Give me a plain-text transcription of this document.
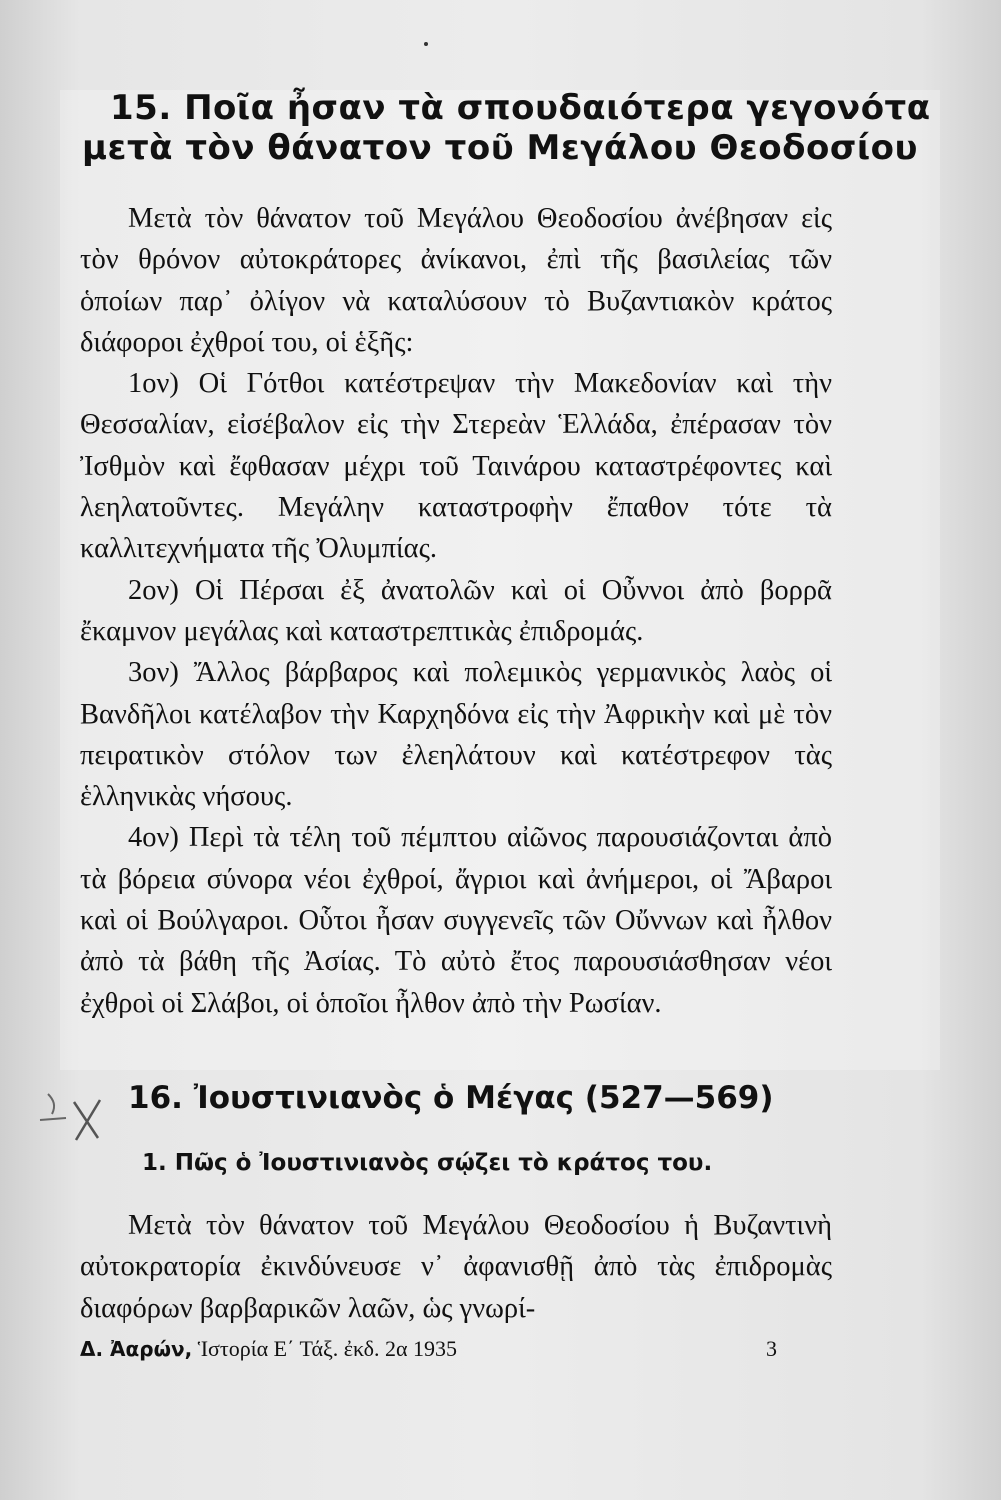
15. Ποῖα ἦσαν τὰ σπουδαιότερα γεγονότα
μετὰ τὸν θάνατον τοῦ Μεγάλου Θεοδοσίου

Μετὰ τὸν θάνατον τοῦ Μεγάλου Θεοδοσίου ἀνέβησαν εἰς τὸν θρόνον αὐτοκράτορες ἀνίκανοι, ἐπὶ τῆς βασιλείας τῶν ὁποίων παρ᾿ ὀλίγον νὰ καταλύσουν τὸ Βυζαντιακὸν κράτος διάφοροι ἐχθροί του, οἱ ἑξῆς:

1ον) Οἱ Γότθοι κατέστρεψαν τὴν Μακεδονίαν καὶ τὴν Θεσσαλίαν, εἰσέβαλον εἰς τὴν Στερεὰν Ἑλλάδα, ἐπέρασαν τὸν Ἰσθμὸν καὶ ἔφθασαν μέχρι τοῦ Ταινάρου καταστρέφοντες καὶ λεηλατοῦντες. Μεγάλην καταστροφὴν ἔπαθον τότε τὰ καλλιτεχνήματα τῆς Ὀλυμπίας.

2ον) Οἱ Πέρσαι ἐξ ἀνατολῶν καὶ οἱ Οὖννοι ἀπὸ βορρᾶ ἔκαμνον μεγάλας καὶ καταστρεπτικὰς ἐπιδρομάς.

3ον) Ἄλλος βάρβαρος καὶ πολεμικὸς γερμανικὸς λαὸς οἱ Βανδῆλοι κατέλαβον τὴν Καρχηδόνα εἰς τὴν Ἀφρικὴν καὶ μὲ τὸν πειρατικὸν στόλον των ἐλεηλάτουν καὶ κατέστρεφον τὰς ἑλληνικὰς νήσους.

4ον) Περὶ τὰ τέλη τοῦ πέμπτου αἰῶνος παρουσιάζονται ἀπὸ τὰ βόρεια σύνορα νέοι ἐχθροί, ἄγριοι καὶ ἀνήμεροι, οἱ Ἄβαροι καὶ οἱ Βούλγαροι. Οὗτοι ἦσαν συγγενεῖς τῶν Οὔννων καὶ ἦλθον ἀπὸ τὰ βάθη τῆς Ἀσίας. Τὸ αὐτὸ ἔτος παρουσιάσθησαν νέοι ἐχθροὶ οἱ Σλάβοι, οἱ ὁποῖοι ἦλθον ἀπὸ τὴν Ρωσίαν.

16. Ἰουστινιανὸς ὁ Μέγας (527—569)
1. Πῶς ὁ Ἰουστινιανὸς σῴζει τὸ κράτος του.

Μετὰ τὸν θάνατον τοῦ Μεγάλου Θεοδοσίου ἡ Βυζαντινὴ αὐτοκρατορία ἐκινδύνευσε ν᾿ ἀφανισθῇ ἀπὸ τὰς ἐπιδρομὰς διαφόρων βαρβαρικῶν λαῶν, ὡς γνωρί-

Δ. Ἀαρών, Ἱστορία Ε΄ Τάξ. ἐκδ. 2α 1935	3
